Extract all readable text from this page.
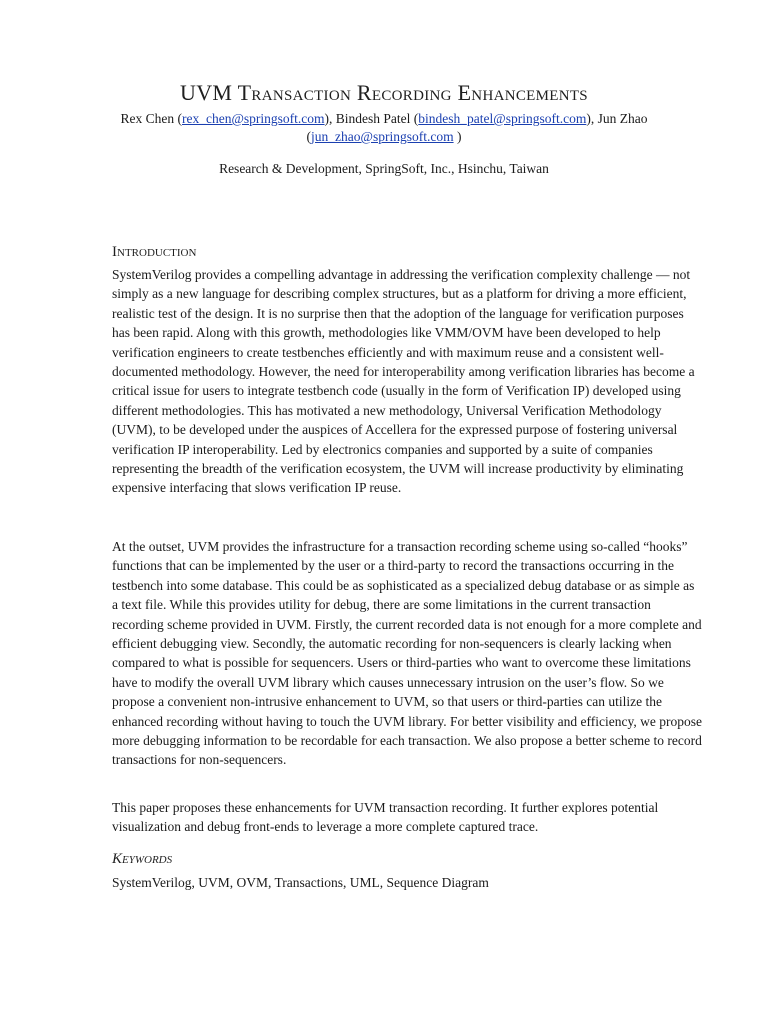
UVM Transaction Recording Enhancements
Rex Chen (rex_chen@springsoft.com), Bindesh Patel (bindesh_patel@springsoft.com), Jun Zhao
(jun_zhao@springsoft.com )
Research & Development, SpringSoft, Inc., Hsinchu, Taiwan
Introduction
SystemVerilog provides a compelling advantage in addressing the verification complexity challenge — not simply as a new language for describing complex structures, but as a platform for driving a more efficient, realistic test of the design. It is no surprise then that the adoption of the language for verification purposes has been rapid. Along with this growth, methodologies like VMM/OVM have been developed to help verification engineers to create testbenches efficiently and with maximum reuse and a consistent well-documented methodology. However, the need for interoperability among verification libraries has become a critical issue for users to integrate testbench code (usually in the form of Verification IP) developed using different methodologies. This has motivated a new methodology, Universal Verification Methodology (UVM), to be developed under the auspices of Accellera for the expressed purpose of fostering universal verification IP interoperability. Led by electronics companies and supported by a suite of companies representing the breadth of the verification ecosystem, the UVM will increase productivity by eliminating expensive interfacing that slows verification IP reuse.
At the outset, UVM provides the infrastructure for a transaction recording scheme using so-called “hooks” functions that can be implemented by the user or a third-party to record the transactions occurring in the testbench into some database. This could be as sophisticated as a specialized debug database or as simple as a text file. While this provides utility for debug, there are some limitations in the current transaction recording scheme provided in UVM. Firstly, the current recorded data is not enough for a more complete and efficient debugging view. Secondly, the automatic recording for non-sequencers is clearly lacking when compared to what is possible for sequencers. Users or third-parties who want to overcome these limitations have to modify the overall UVM library which causes unnecessary intrusion on the user’s flow. So we propose a convenient non-intrusive enhancement to UVM, so that users or third-parties can utilize the enhanced recording without having to touch the UVM library. For better visibility and efficiency, we propose more debugging information to be recordable for each transaction. We also propose a better scheme to record transactions for non-sequencers.
This paper proposes these enhancements for UVM transaction recording. It further explores potential visualization and debug front-ends to leverage a more complete captured trace.
Keywords
SystemVerilog, UVM, OVM, Transactions, UML, Sequence Diagram
